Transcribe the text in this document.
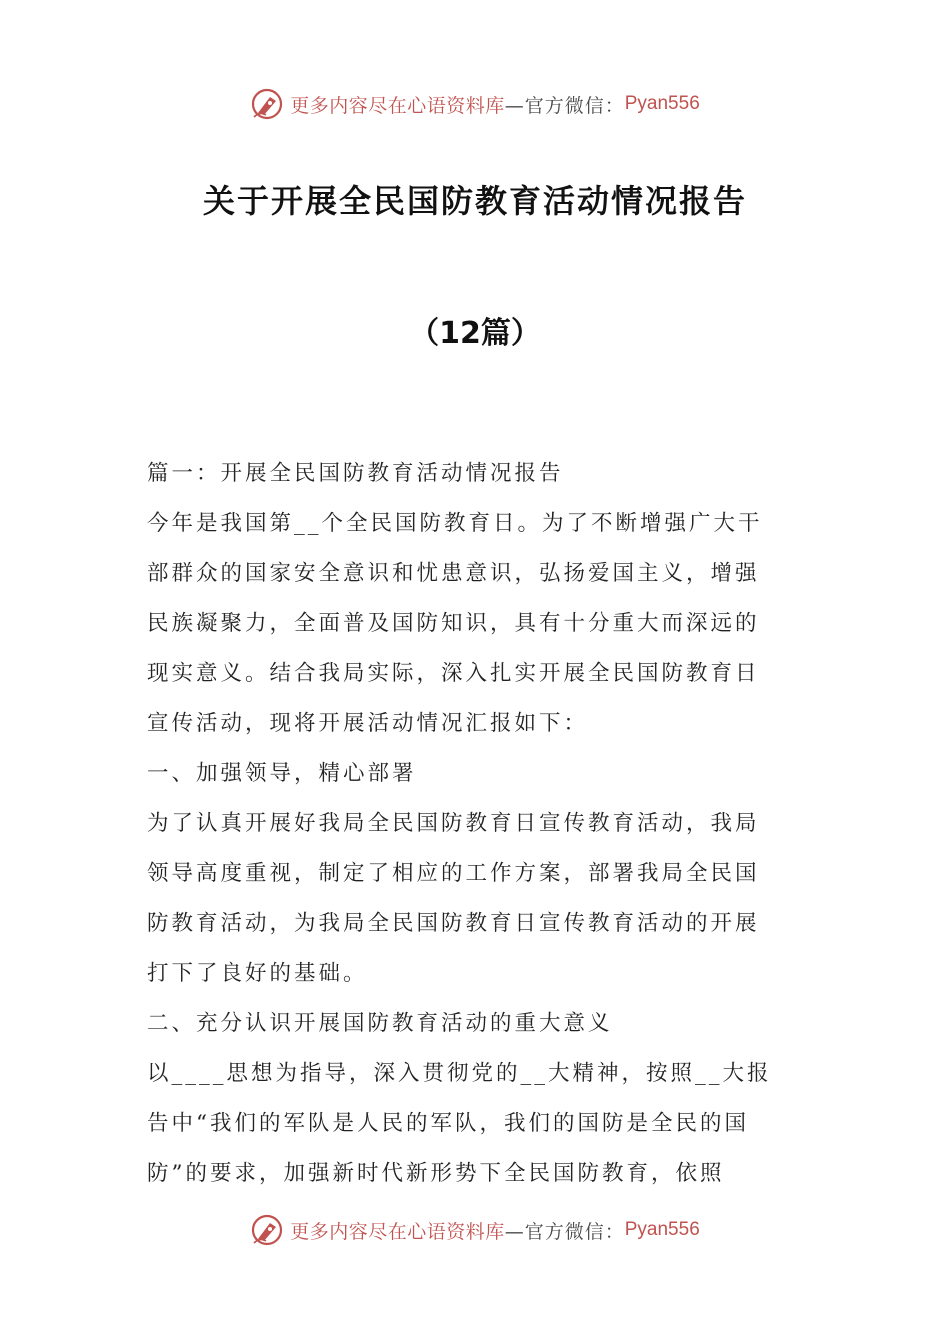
更多内容尽在心语资料库 —官方微信： Pyan556
关于开展全民国防教育活动情况报告
（12篇）

篇一：开展全民国防教育活动情况报告

今年是我国第__个全民国防教育日。为了不断增强广大干

部群众的国家安全意识和忧患意识，弘扬爱国主义，增强

民族凝聚力，全面普及国防知识，具有十分重大而深远的

现实意义。结合我局实际，深入扎实开展全民国防教育日

宣传活动，现将开展活动情况汇报如下：

一、加强领导，精心部署

为了认真开展好我局全民国防教育日宣传教育活动，我局

领导高度重视，制定了相应的工作方案，部署我局全民国

防教育活动，为我局全民国防教育日宣传教育活动的开展

打下了良好的基础。

二、充分认识开展国防教育活动的重大意义

以____思想为指导，深入贯彻党的__大精神，按照__大报

告中“我们的军队是人民的军队，我们的国防是全民的国

防”的要求，加强新时代新形势下全民国防教育，依照

更多内容尽在心语资料库 —官方微信： Pyan556
